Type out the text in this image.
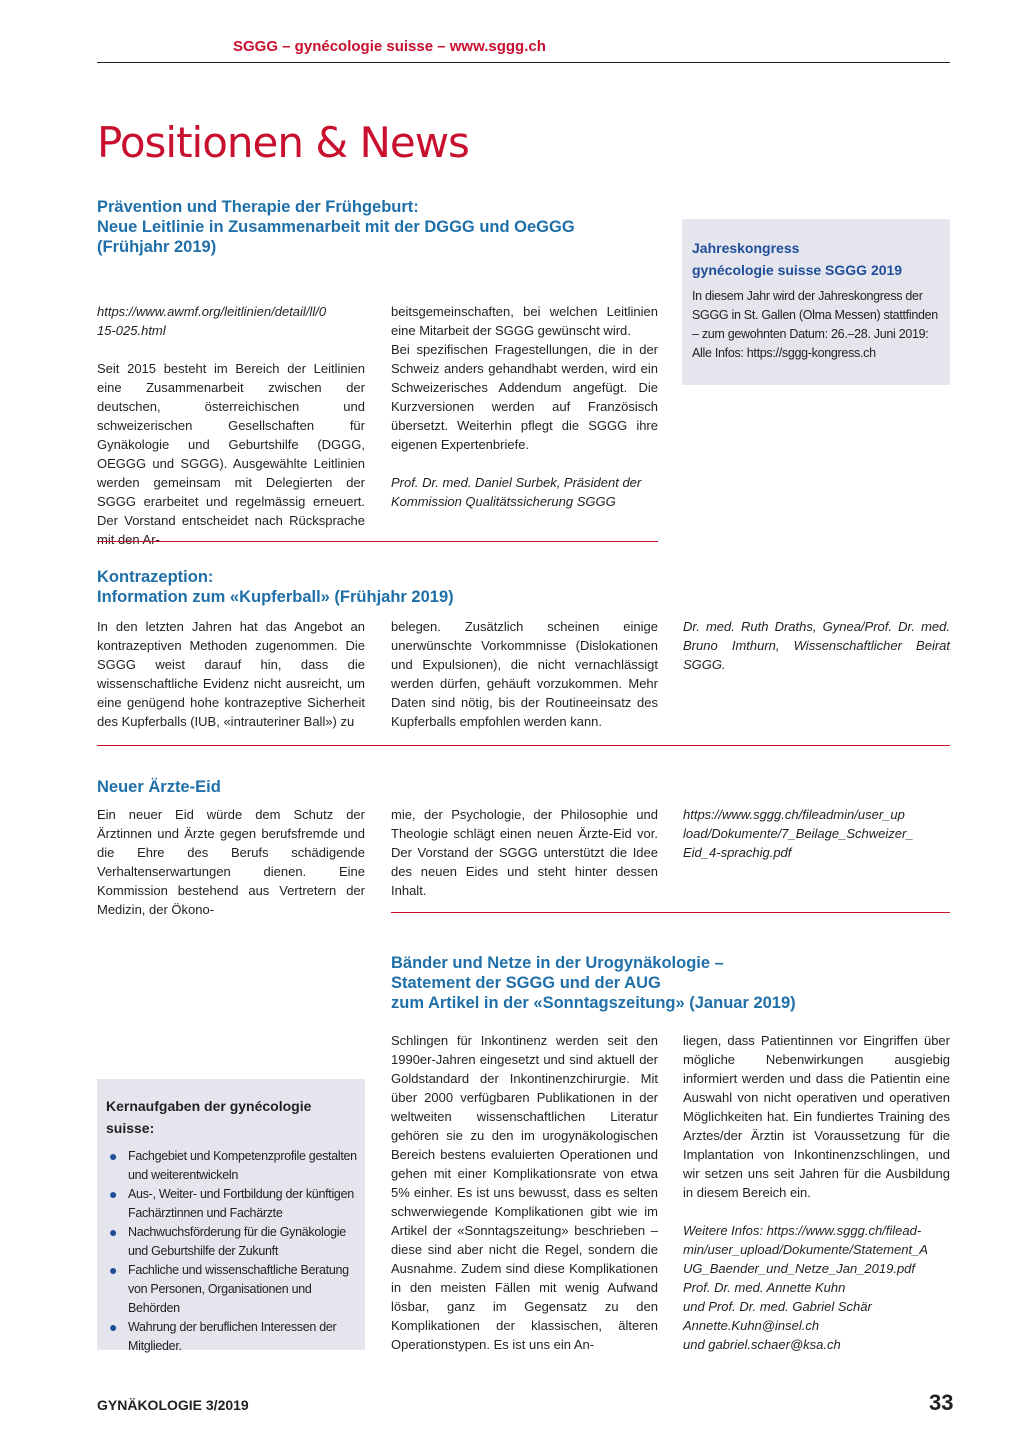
SGGG – gynécologie suisse – www.sggg.ch
Positionen & News
Prävention und Therapie der Frühgeburt:
Neue Leitlinie in Zusammenarbeit mit der DGGG und OeGGG
(Frühjahr 2019)
https://www.awmf.org/leitlinien/detail/ll/0
15-025.html
Seit 2015 besteht im Bereich der Leitlinien eine Zusammenarbeit zwischen der deutschen, österreichischen und schweizerischen Gesellschaften für Gynäkologie und Geburtshilfe (DGGG, OEGGG und SGGG). Ausgewählte Leitlinien werden gemeinsam mit Delegierten der SGGG erarbeitet und regelmässig erneuert. Der Vorstand entscheidet nach Rücksprache mit den Ar-

beitsgemeinschaften, bei welchen Leitlinien eine Mitarbeit der SGGG gewünscht wird.

Bei spezifischen Fragestellungen, die in der Schweiz anders gehandhabt werden, wird ein Schweizerisches Addendum angefügt. Die Kurzversionen werden auf Französisch übersetzt. Weiterhin pflegt die SGGG ihre eigenen Expertenbriefe.

Prof. Dr. med. Daniel Surbek, Präsident der Kommission Qualitätssicherung SGGG

Jahreskongress
gynécologie suisse SGGG 2019
In diesem Jahr wird der Jahreskongress der SGGG in St. Gallen (Olma Messen) stattfinden – zum gewohnten Datum: 26.–28. Juni 2019: Alle Infos: https://sggg-kongress.ch
Kontrazeption:
Information zum «Kupferball» (Frühjahr 2019)
In den letzten Jahren hat das Angebot an kontrazeptiven Methoden zugenommen. Die SGGG weist darauf hin, dass die wissenschaftliche Evidenz nicht ausreicht, um eine genügend hohe kontrazeptive Sicherheit des Kupferballs (IUB, «intrauteriner Ball») zu
belegen. Zusätzlich scheinen einige unerwünschte Vorkommnisse (Dislokationen und Expulsionen), die nicht vernachlässigt werden dürfen, gehäuft vorzukommen. Mehr Daten sind nötig, bis der Routineeinsatz des Kupferballs empfohlen werden kann.
Dr. med. Ruth Draths, Gynea/Prof. Dr. med. Bruno Imthurn, Wissenschaftlicher Beirat SGGG.
Neuer Ärzte-Eid
Ein neuer Eid würde dem Schutz der Ärztinnen und Ärzte gegen berufsfremde und die Ehre des Berufs schädigende Verhaltenserwartungen dienen. Eine Kommission bestehend aus Vertretern der Medizin, der Ökono-
mie, der Psychologie, der Philosophie und Theologie schlägt einen neuen Ärzte-Eid vor. Der Vorstand der SGGG unterstützt die Idee des neuen Eides und steht hinter dessen Inhalt.
https://www.sggg.ch/fileadmin/user_up
load/Dokumente/7_Beilage_Schweizer_
Eid_4-sprachig.pdf
Bänder und Netze in der Urogynäkologie –
Statement der SGGG und der AUG
zum Artikel in der «Sonntagszeitung» (Januar 2019)
Schlingen für Inkontinenz werden seit den 1990er-Jahren eingesetzt und sind aktuell der Goldstandard der Inkontinenzchirurgie. Mit über 2000 verfügbaren Publikationen in der weltweiten wissenschaftlichen Literatur gehören sie zu den im urogynäkologischen Bereich bestens evaluierten Operationen und gehen mit einer Komplikationsrate von etwa 5% einher. Es ist uns bewusst, dass es selten schwerwiegende Komplikationen gibt wie im Artikel der «Sonntagszeitung» beschrieben – diese sind aber nicht die Regel, sondern die Ausnahme. Zudem sind diese Komplikationen in den meisten Fällen mit wenig Aufwand lösbar, ganz im Gegensatz zu den Komplikationen der klassischen, älteren Operationstypen. Es ist uns ein An-
liegen, dass Patientinnen vor Eingriffen über mögliche Nebenwirkungen ausgiebig informiert werden und dass die Patientin eine Auswahl von nicht operativen und operativen Möglichkeiten hat. Ein fundiertes Training des Arztes/der Ärztin ist Voraussetzung für die Implantation von Inkontinenzschlingen, und wir setzen uns seit Jahren für die Ausbildung in diesem Bereich ein.
Weitere Infos: https://www.sggg.ch/filead-
min/user_upload/Dokumente/Statement_A
UG_Baender_und_Netze_Jan_2019.pdf
Prof. Dr. med. Annette Kuhn
und Prof. Dr. med. Gabriel Schär
Annette.Kuhn@insel.ch
und gabriel.schaer@ksa.ch
Kernaufgaben der gynécologie suisse:
● Fachgebiet und Kompetenzprofile gestalten und weiterentwickeln
● Aus-, Weiter- und Fortbildung der künftigen Fachärztinnen und Fachärzte
● Nachwuchsförderung für die Gynäkologie und Geburtshilfe der Zukunft
● Fachliche und wissenschaftliche Beratung von Personen, Organisationen und Behörden
● Wahrung der beruflichen Interessen der Mitglieder.
GYNÄKOLOGIE 3/2019	33
